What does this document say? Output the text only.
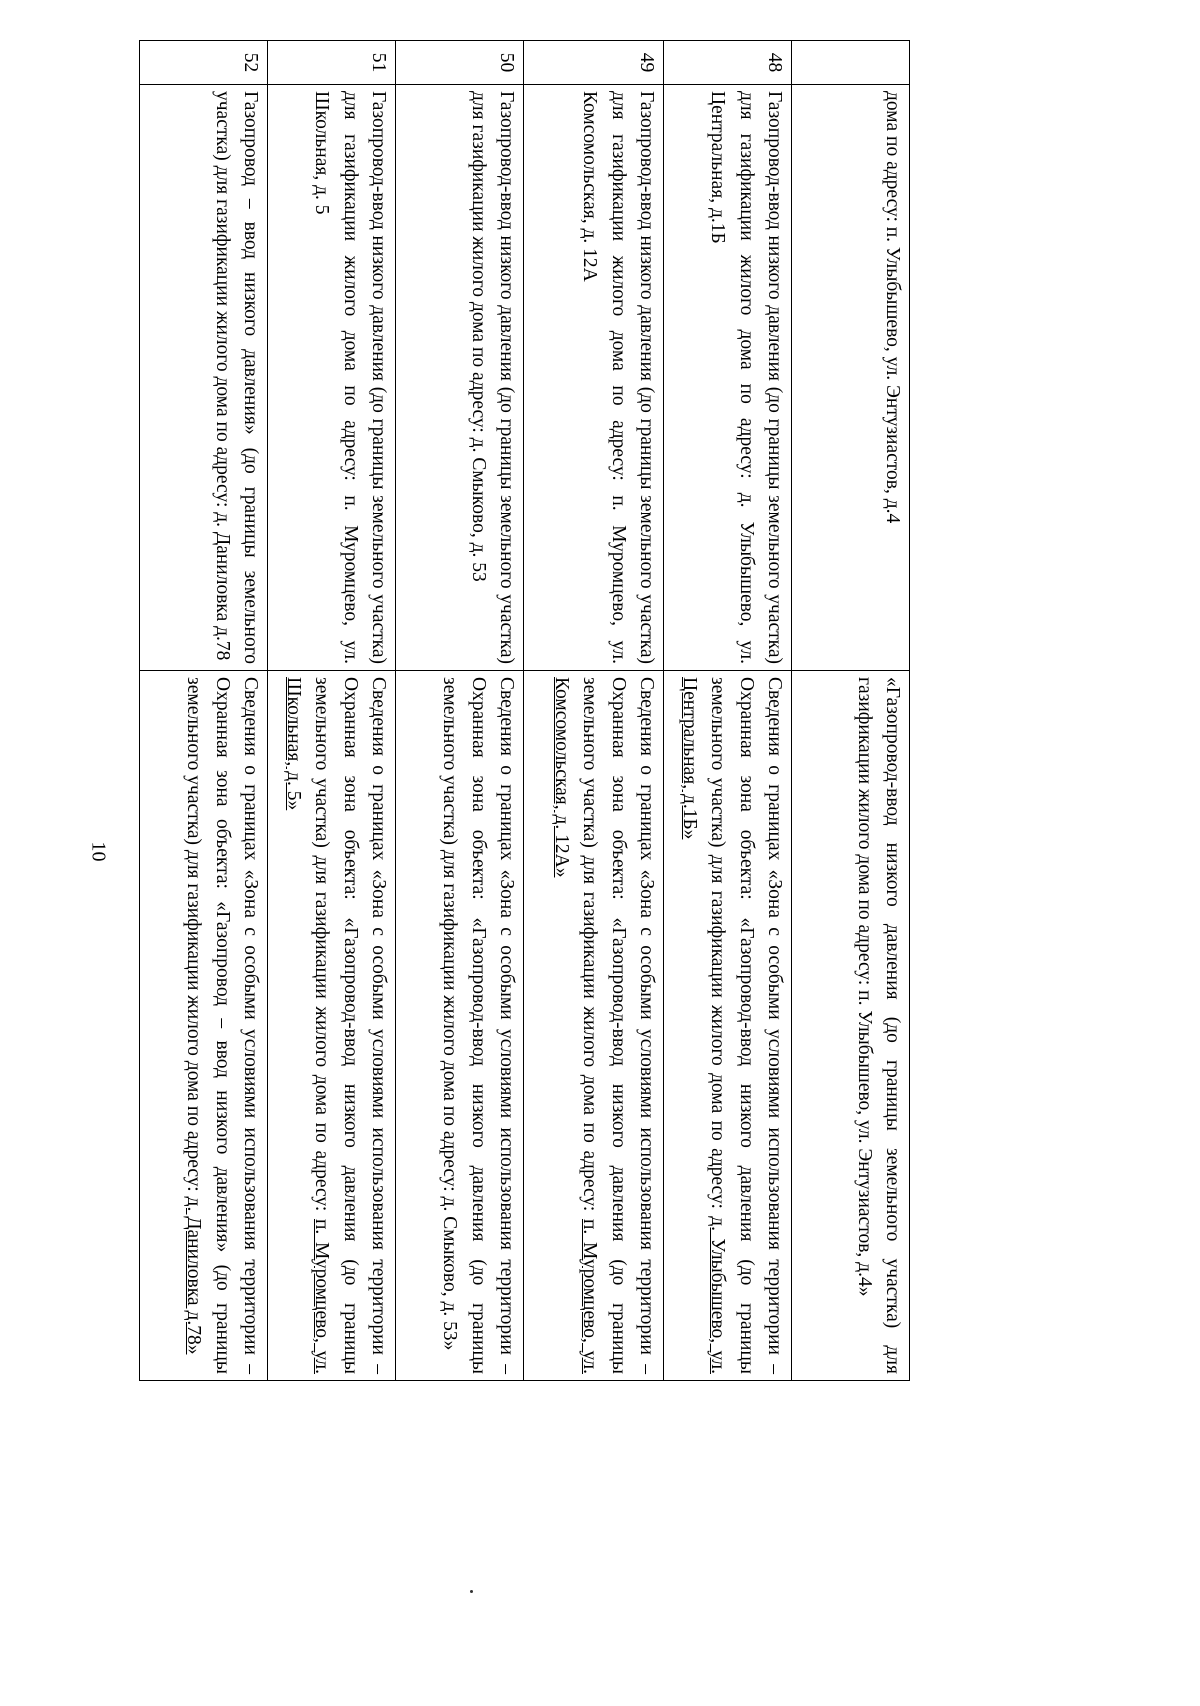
10
	дома по адресу: п. Улыбышево, ул. Энтузиастов, д.4	«Газопровод-ввод низкого давления (до границы земельного участка) для газификации жилого дома по адресу: п. Улыбышево, ул. Энтузиастов, д.4»
48	Газопровод-ввод низкого давления (до границы земельного участка) для газификации жилого дома по адресу: д. Улыбышево, ул. Центральная, д.1Б	Сведения о границах «Зона с особыми условиями использования территории – Охранная зона объекта: «Газопровод-ввод низкого давления (до границы земельного участка) для газификации жилого дома по адресу: д. Улыбышево, ул. Центральная, д.1Б»
49	Газопровод-ввод низкого давления (до границы земельного участка) для газификации жилого дома по адресу: п. Муромцево, ул. Комсомольская, д. 12А	Сведения о границах «Зона с особыми условиями использования территории – Охранная зона объекта: «Газопровод-ввод низкого давления (до границы земельного участка) для газификации жилого дома по адресу: п. Муромцево, ул. Комсомольская, д. 12А»
50	Газопровод-ввод низкого давления (до границы земельного участка) для газификации жилого дома по адресу: д. Смыково, д. 53	Сведения о границах «Зона с особыми условиями использования территории – Охранная зона объекта: «Газопровод-ввод низкого давления (до границы земельного участка) для газификации жилого дома по адресу: д. Смыково, д. 53»
51	Газопровод-ввод низкого давления (до границы земельного участка) для газификации жилого дома по адресу: п. Муромцево, ул. Школьная, д. 5	Сведения о границах «Зона с особыми условиями использования территории – Охранная зона объекта: «Газопровод-ввод низкого давления (до границы земельного участка) для газификации жилого дома по адресу: п. Муромцево, ул. Школьная, д. 5»
52	Газопровод – ввод низкого давления» (до границы земельного участка) для газификации жилого дома по адресу: д. Даниловка д.78	Сведения о границах «Зона с особыми условиями использования территории – Охранная зона объекта: «Газопровод – ввод низкого давления» (до границы земельного участка) для газификации жилого дома по адресу: д. Даниловка д.78»
